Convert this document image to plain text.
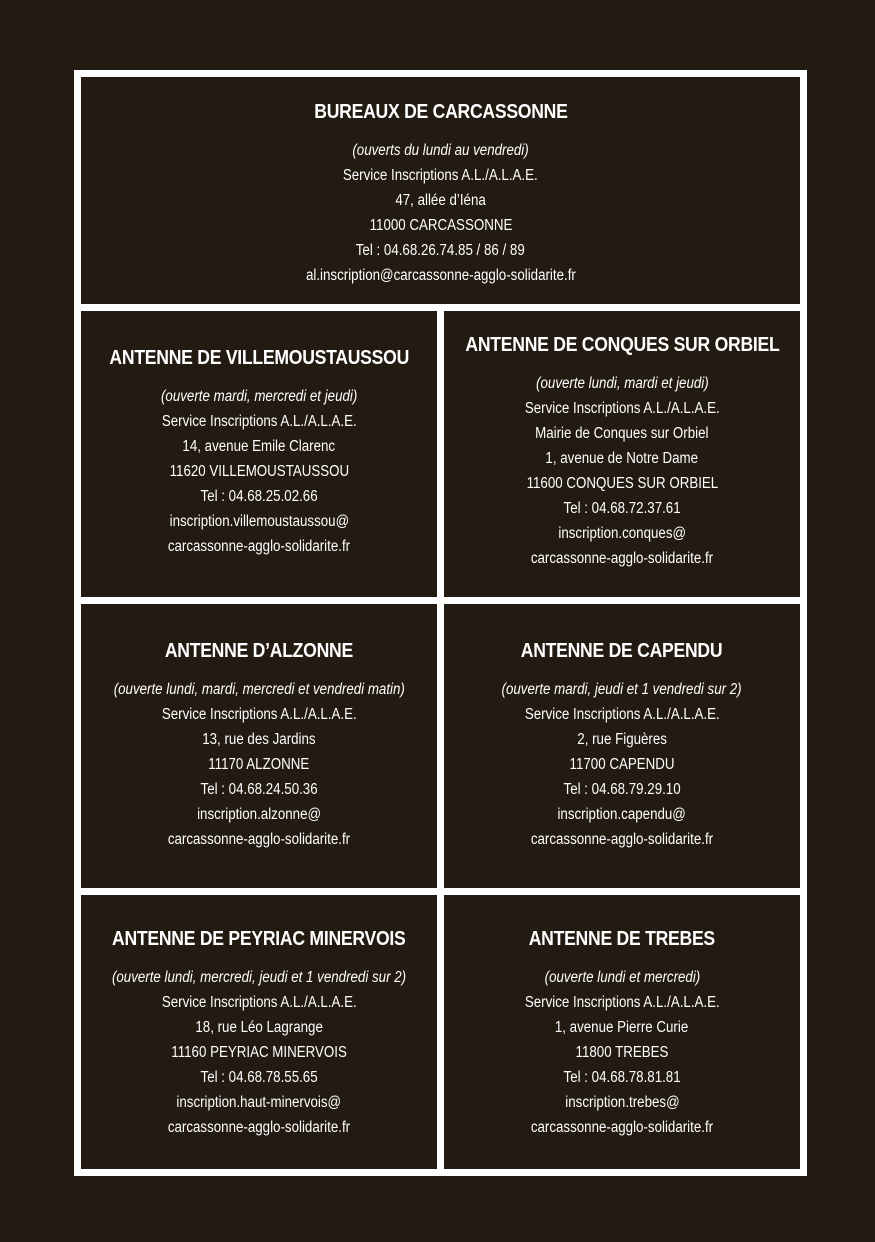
BUREAUX DE CARCASSONNE
(ouverts du lundi au vendredi)
Service Inscriptions A.L./A.L.A.E.
47, allée d’Iéna
11000 CARCASSONNE
Tel : 04.68.26.74.85 / 86 / 89
al.inscription@carcassonne-agglo-solidarite.fr
ANTENNE DE VILLEMOUSTAUSSOU
(ouverte mardi, mercredi et jeudi)
Service Inscriptions A.L./A.L.A.E.
14, avenue Emile Clarenc
11620 VILLEMOUSTAUSSOU
Tel : 04.68.25.02.66
inscription.villemoustaussou@
carcassonne-agglo-solidarite.fr
ANTENNE DE CONQUES SUR ORBIEL
(ouverte lundi, mardi et jeudi)
Service Inscriptions A.L./A.L.A.E.
Mairie de Conques sur Orbiel
1, avenue de Notre Dame
11600 CONQUES SUR ORBIEL
Tel : 04.68.72.37.61
inscription.conques@
carcassonne-agglo-solidarite.fr
ANTENNE D’ALZONNE
(ouverte lundi, mardi, mercredi et vendredi matin)
Service Inscriptions A.L./A.L.A.E.
13, rue des Jardins
11170 ALZONNE
Tel : 04.68.24.50.36
inscription.alzonne@
carcassonne-agglo-solidarite.fr
ANTENNE DE CAPENDU
(ouverte mardi, jeudi et 1 vendredi sur 2)
Service Inscriptions A.L./A.L.A.E.
2, rue Figuères
11700 CAPENDU
Tel : 04.68.79.29.10
inscription.capendu@
carcassonne-agglo-solidarite.fr
ANTENNE DE PEYRIAC MINERVOIS
(ouverte lundi, mercredi, jeudi et 1 vendredi sur 2)
Service Inscriptions A.L./A.L.A.E.
18, rue Léo Lagrange
11160 PEYRIAC MINERVOIS
Tel : 04.68.78.55.65
inscription.haut-minervois@
carcassonne-agglo-solidarite.fr
ANTENNE DE TREBES
(ouverte lundi et mercredi)
Service Inscriptions A.L./A.L.A.E.
1, avenue Pierre Curie
11800 TREBES
Tel : 04.68.78.81.81
inscription.trebes@
carcassonne-agglo-solidarite.fr
